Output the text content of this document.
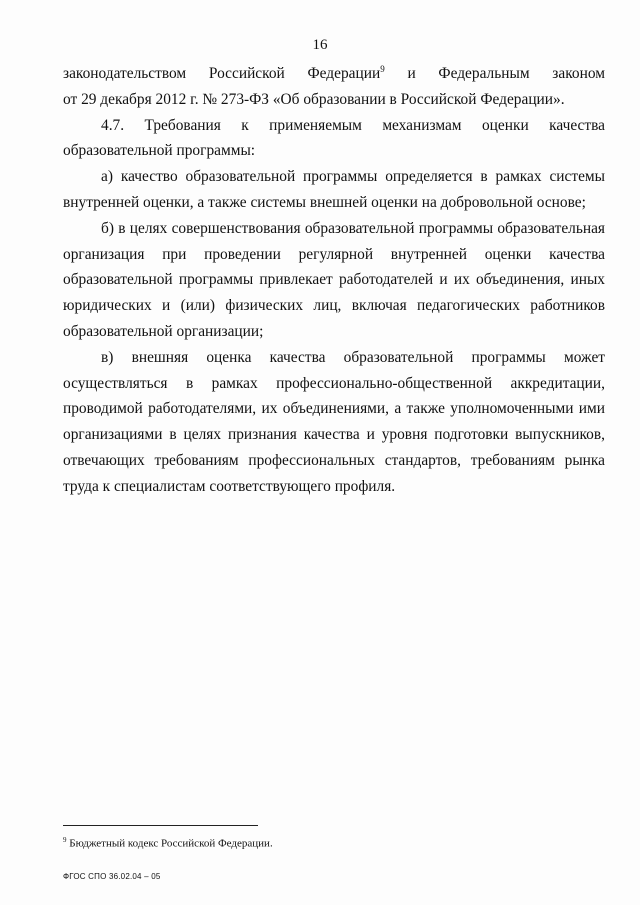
16

законодательством Российской Федерации$^9$ и Федеральным законом
от 29 декабря 2012 г. № 273-ФЗ «Об образовании в Российской Федерации».

4.7. Требования к применяемым механизмам оценки качества образовательной программы:

а) качество образовательной программы определяется в рамках системы внутренней оценки, а также системы внешней оценки на добровольной основе;

б) в целях совершенствования образовательной программы образовательная организация при проведении регулярной внутренней оценки качества образовательной программы привлекает работодателей и их объединения, иных юридических и (или) физических лиц, включая педагогических работников образовательной организации;

в) внешняя оценка качества образовательной программы может осуществляться в рамках профессионально-общественной аккредитации, проводимой работодателями, их объединениями, а также уполномоченными ими организациями в целях признания качества и уровня подготовки выпускников, отвечающих требованиям профессиональных стандартов, требованиям рынка труда к специалистам соответствующего профиля.

$^9$ Бюджетный кодекс Российской Федерации.
ФГОС СПО 36.02.04 – 05
